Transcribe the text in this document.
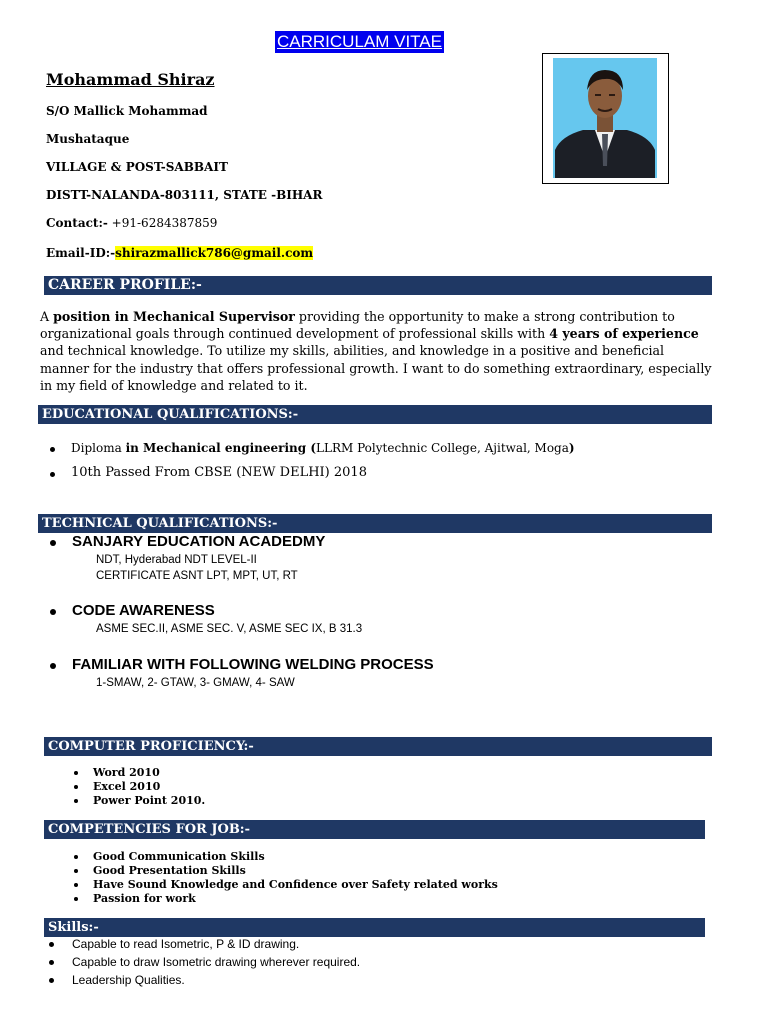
CARRICULAM VITAE
Mohammad Shiraz
S/O Mallick Mohammad
Mushataque
VILLAGE & POST-SABBAIT
DISTT-NALANDA-803111, STATE -BIHAR
Contact:- +91-6284387859
Email-ID:-shirazmallick786@gmail.com
CAREER PROFILE:-
A position in Mechanical Supervisor providing the opportunity to make a strong contribution to organizational goals through continued development of professional skills with 4 years of experience and technical knowledge. To utilize my skills, abilities, and knowledge in a positive and beneficial manner for the industry that offers professional growth. I want to do something extraordinary, especially in my field of knowledge and related to it.
EDUCATIONAL QUALIFICATIONS:-
Diploma in Mechanical engineering (LLRM Polytechnic College, Ajitwal, Moga)
10th Passed From CBSE (NEW DELHI) 2018
TECHNICAL QUALIFICATIONS:-
SANJARY EDUCATION ACADEDMY
NDT, Hyderabad NDT LEVEL-II
CERTIFICATE ASNT LPT, MPT, UT, RT
CODE AWARENESS
ASME SEC.II, ASME SEC. V, ASME SEC IX, B 31.3
FAMILIAR WITH FOLLOWING WELDING PROCESS
1-SMAW, 2- GTAW, 3- GMAW, 4- SAW
COMPUTER PROFICIENCY:-
Word 2010
Excel 2010
Power Point 2010.
COMPETENCIES FOR JOB:-
Good Communication Skills
Good Presentation Skills
Have Sound Knowledge and Confidence over Safety related works
Passion for work
Skills:-
Capable to read Isometric, P & ID drawing.
Capable to draw Isometric drawing wherever required.
Leadership Qualities.
